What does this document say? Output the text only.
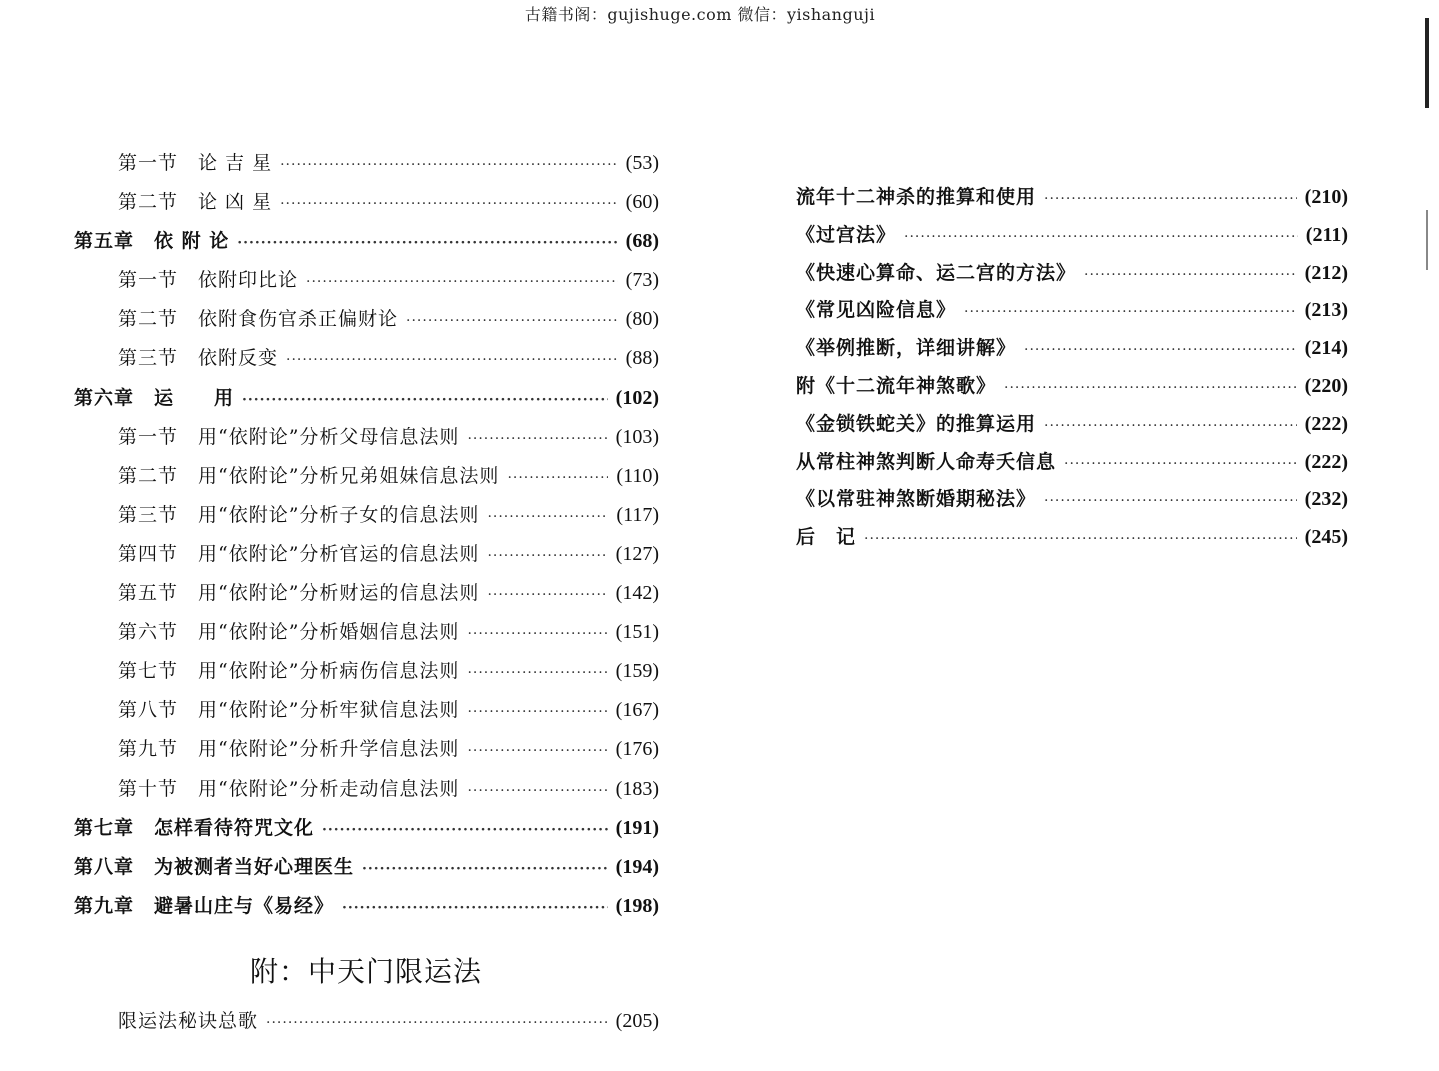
古籍书阁：gujishuge.com 微信：yishanguji
第一节　论 吉 星 ·····	(53)
第二节　论 凶 星 ·····	(60)
第五章　依 附 论 ·····	(68)
第一节　依附印比论 ·····	(73)
第二节　依附食伤官杀正偏财论 ·····	(80)
第三节　依附反变 ·····	(88)
第六章　运　　用 ·····	(102)
第一节　用“依附论”分析父母信息法则 ·····	(103)
第二节　用“依附论”分析兄弟姐妹信息法则 ·····	(110)
第三节　用“依附论”分析子女的信息法则 ·····	(117)
第四节　用“依附论”分析官运的信息法则 ·····	(127)
第五节　用“依附论”分析财运的信息法则 ·····	(142)
第六节　用“依附论”分析婚姻信息法则 ·····	(151)
第七节　用“依附论”分析病伤信息法则 ·····	(159)
第八节　用“依附论”分析牢狱信息法则 ·····	(167)
第九节　用“依附论”分析升学信息法则 ·····	(176)
第十节　用“依附论”分析走动信息法则 ·····	(183)
第七章　怎样看待符咒文化 ·····	(191)
第八章　为被测者当好心理医生 ·····	(194)
第九章　避暑山庄与《易经》 ·····	(198)
附：中天门限运法
限运法秘诀总歌 ·····	(205)
流年十二神杀的推算和使用 ·····	(210)
《过宫法》 ·····	(211)
《快速心算命、运二宫的方法》 ·····	(212)
《常见凶险信息》 ·····	(213)
《举例推断，详细讲解》 ·····	(214)
附《十二流年神煞歌》 ·····	(220)
《金锁铁蛇关》的推算运用 ·····	(222)
从常柱神煞判断人命寿夭信息 ·····	(222)
《以常驻神煞断婚期秘法》 ·····	(232)
后　记 ·····	(245)
